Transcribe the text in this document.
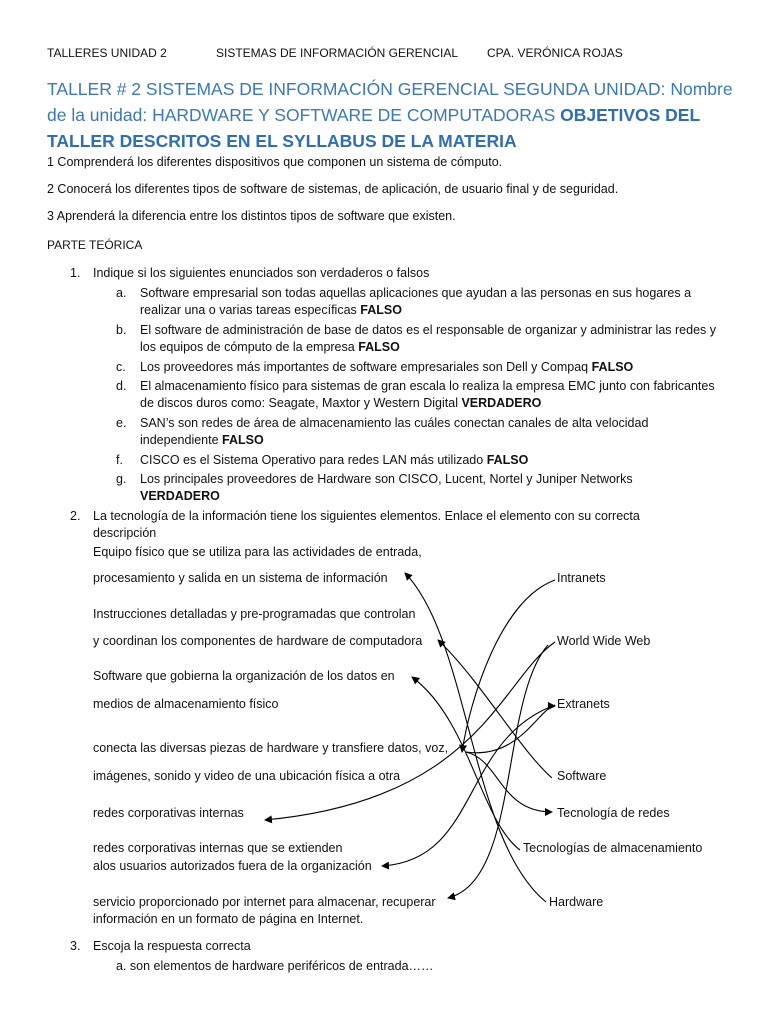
TALLERES UNIDAD 2	SISTEMAS DE INFORMACIÓN GERENCIAL CPA. VERÓNICA ROJAS
TALLER # 2 SISTEMAS DE INFORMACIÓN GERENCIAL SEGUNDA UNIDAD: Nombre de la unidad: HARDWARE Y SOFTWARE DE COMPUTADORAS OBJETIVOS DEL TALLER DESCRITOS EN EL SYLLABUS DE LA MATERIA
1 Comprenderá los diferentes dispositivos que componen un sistema de cómputo.
2 Conocerá los diferentes tipos de software de sistemas, de aplicación, de usuario final y de seguridad.
3 Aprenderá la diferencia entre los distintos tipos de software que existen.
PARTE TEÓRICA
1. Indique si los siguientes enunciados son verdaderos o falsos
a. Software empresarial son todas aquellas aplicaciones que ayudan a las personas en sus hogares a realizar una o varias tareas específicas FALSO
b. El software de administración de base de datos es el responsable de organizar y administrar las redes y los equipos de cómputo de la empresa FALSO
c. Los proveedores más importantes de software empresariales son Dell y Compaq FALSO
d. El almacenamiento físico para sistemas de gran escala lo realiza la empresa EMC junto con fabricantes de discos duros como: Seagate, Maxtor y Western Digital VERDADERO
e. SAN’s son redes de área de almacenamiento las cuáles conectan canales de alta velocidad independiente FALSO
f. CISCO es el Sistema Operativo para redes LAN más utilizado FALSO
g. Los principales proveedores de Hardware son CISCO, Lucent, Nortel y Juniper Networks VERDADERO
2. La tecnología de la información tiene los siguientes elementos. Enlace el elemento con su correcta
descripción
Equipo físico que se utiliza para las actividades de entrada,
procesamiento y salida en un sistema de información
Instrucciones detalladas y pre-programadas que controlan
y coordinan los componentes de hardware de computadora
Software que gobierna la organización de los datos en
medios de almacenamiento físico
conecta las diversas piezas de hardware y transfiere datos, voz,
imágenes, sonido y video de una ubicación física a otra
redes corporativas internas
redes corporativas internas que se extienden
alos usuarios autorizados fuera de la organización
servicio proporcionado por internet para almacenar, recuperar
información en un formato de página en Internet.
Intranets
World Wide Web
Extranets
Software
Tecnología de redes
Tecnologías de almacenamiento
Hardware
3. Escoja la respuesta correcta
a. son elementos de hardware periféricos de entrada……
